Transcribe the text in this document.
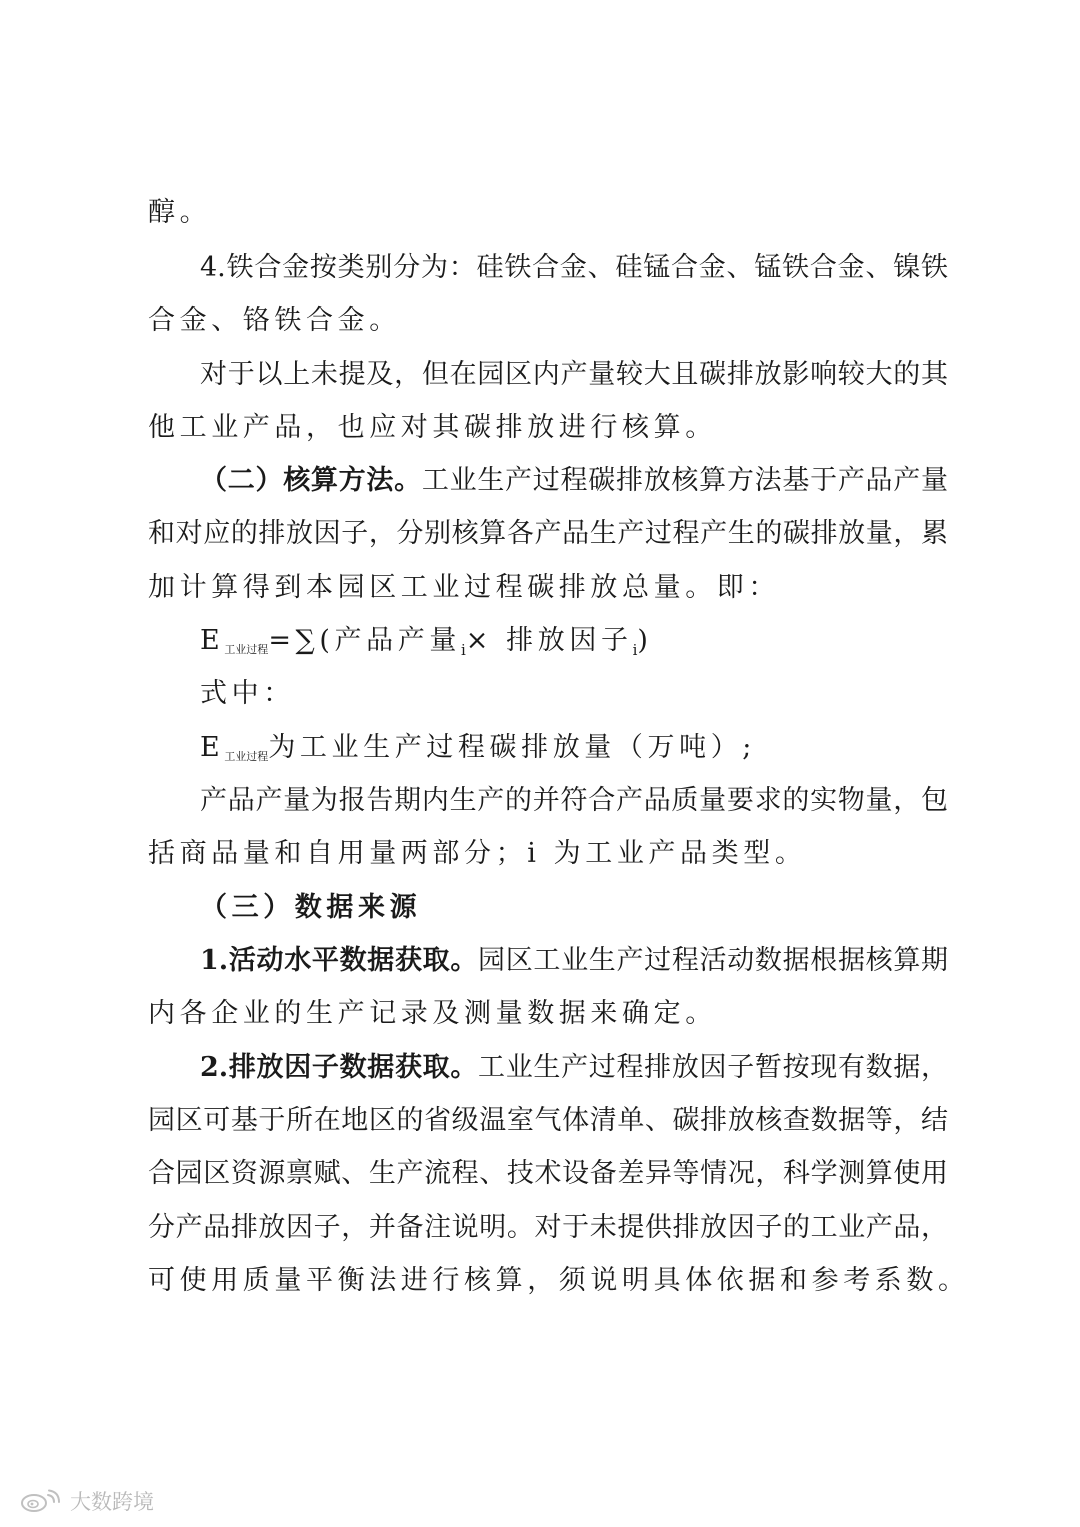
醇。
4.铁合金按类别分为：硅铁合金、硅锰合金、锰铁合金、镍铁
合金、铬铁合金。
对于以上未提及，但在园区内产量较大且碳排放影响较大的其
他工业产品，也应对其碳排放进行核算。
（二）核算方法。工业生产过程碳排放核算方法基于产品产量
和对应的排放因子，分别核算各产品生产过程产生的碳排放量，累
加计算得到本园区工业过程碳排放总量。即：
$E_{工业过程}=\sum$(产品产量$_i$× 排放因子$_i$)
式中：
$E_{工业过程}$为工业生产过程碳排放量（万吨）;
产品产量为报告期内生产的并符合产品质量要求的实物量，包
括商品量和自用量两部分；i 为工业产品类型。
（三）数据来源
1.活动水平数据获取。园区工业生产过程活动数据根据核算期
内各企业的生产记录及测量数据来确定。
2.排放因子数据获取。工业生产过程排放因子暂按现有数据，
园区可基于所在地区的省级温室气体清单、碳排放核查数据等，结
合园区资源禀赋、生产流程、技术设备差异等情况，科学测算使用
分产品排放因子，并备注说明。对于未提供排放因子的工业产品，
可使用质量平衡法进行核算，须说明具体依据和参考系数。
大数跨境
